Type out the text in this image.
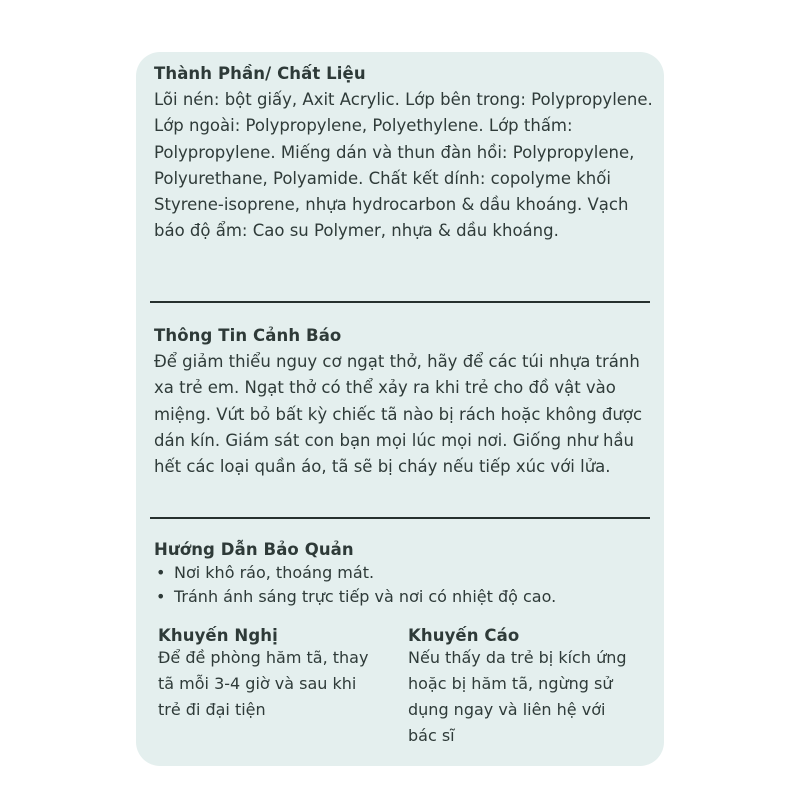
Thành Phần/ Chất Liệu

Lõi nén: bột giấy, Axit Acrylic. Lớp bên trong: Polypropylene. Lớp ngoài: Polypropylene, Polyethylene. Lớp thấm: Polypropylene. Miếng dán và thun đàn hồi: Polypropylene, Polyurethane, Polyamide. Chất kết dính: copolyme khối Styrene-isoprene, nhựa hydrocarbon & dầu khoáng. Vạch báo độ ẩm: Cao su Polymer, nhựa & dầu khoáng.

Thông Tin Cảnh Báo

Để giảm thiểu nguy cơ ngạt thở, hãy để các túi nhựa tránh xa trẻ em. Ngạt thở có thể xảy ra khi trẻ cho đồ vật vào miệng. Vứt bỏ bất kỳ chiếc tã nào bị rách hoặc không được dán kín. Giám sát con bạn mọi lúc mọi nơi. Giống như hầu hết các loại quần áo, tã sẽ bị cháy nếu tiếp xúc với lửa.

Hướng Dẫn Bảo Quản
• Nơi khô ráo, thoáng mát.
• Tránh ánh sáng trực tiếp và nơi có nhiệt độ cao.
Khuyến Nghị

Để đề phòng hăm tã, thay tã mỗi 3-4 giờ và sau khi trẻ đi đại tiện

Khuyến Cáo

Nếu thấy da trẻ bị kích ứng hoặc bị hăm tã, ngừng sử dụng ngay và liên hệ với bác sĩ
